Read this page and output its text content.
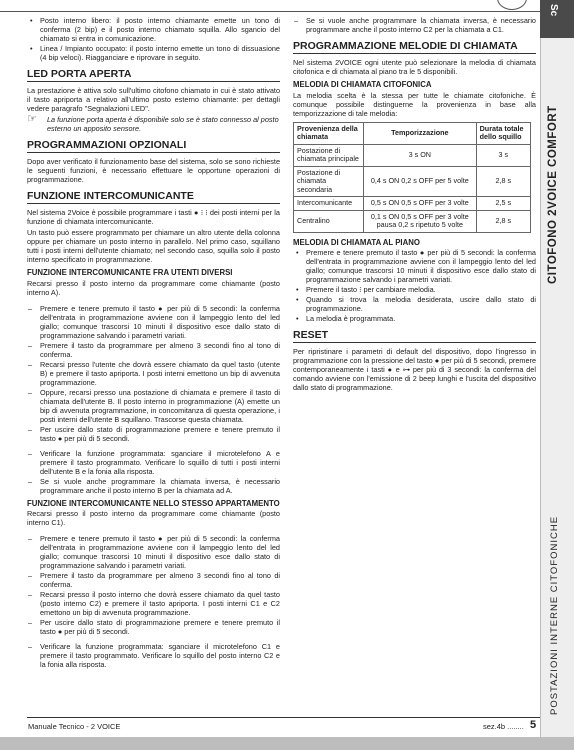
Sc
CITOFONO 2VOICE COMFORT
POSTAZIONI INTERNE CITOFONICHE
• Posto interno libero: il posto interno chiamante emette un tono di conferma (2 bip) e il posto interno chiamato squilla. Allo sgancio del chiamato si entra in comunicazione.
• Linea / Impianto occupato: il posto interno emette un tono di dissuasione (4 bip veloci). Riagganciare e riprovare in seguito.
LED PORTA APERTA

La prestazione è attiva solo sull'ultimo citofono chiamato in cui è stato attivato il tasto apriporta a relativo all'ultimo posto esterno chiamante: per dettagli vedere paragrafo "Segnalazioni LED".

☞	La funzione porta aperta è disponibile solo se è stato connesso al posto esterno un apposito sensore.
PROGRAMMAZIONI OPZIONALI

Dopo aver verificato il funzionamento base del sistema, solo se sono richieste le seguenti funzioni, è necessario effettuare le opportune operazioni di programmazione.

FUNZIONE INTERCOMUNICANTE

Nel sistema 2Voice è possibile programmare i tasti ● ⁝ ⁝ dei posti interni per la funzione di chiamata intercomunicante.

Un tasto può essere programmato per chiamare un altro utente della colonna oppure per chiamare un posto interno in parallelo. Nel primo caso, squillano tutti i posti interni dell'utente chiamato; nel secondo caso, squilla solo il posto interno specificato in programmazione.

FUNZIONE INTERCOMUNICANTE FRA UTENTI DIVERSI

Recarsi presso il posto interno da programmare come chiamante (posto interno A).

– Premere e tenere premuto il tasto ● per più di 5 secondi: la conferma dell'entrata in programmazione avviene con il lampeggio lento del led giallo; comunque trascorsi 10 minuti il dispositivo esce dallo stato di programmazione salvando i parametri variati.
– Premere il tasto da programmare per almeno 3 secondi fino al tono di conferma.
– Recarsi presso l'utente che dovrà essere chiamato da quel tasto (utente B) e premere il tasto apriporta. I posti interni emettono un bip di avvenuta programmazione.
– Oppure, recarsi presso una postazione di chiamata e premere il tasto di chiamata dell'utente B. Il posto interno in programmazione (A) emette un bip di avvenuta programmazione, in concomitanza di questa operazione, i posti interni dell'utente B squillano. Trascorse questa chiamata.
– Per uscire dallo stato di programmazione premere e tenere premuto il tasto ● per più di 5 secondi.
– Verificare la funzione programmata: sganciare il microtelefono A e premere il tasto programmato. Verificare lo squillo di tutti i posti interni dell'utente B e la fonia alla risposta.
– Se si vuole anche programmare la chiamata inversa, è necessario programmare anche il posto interno B per la chiamata ad A.
FUNZIONE INTERCOMUNICANTE NELLO STESSO APPARTAMENTO

Recarsi presso il posto interno da programmare come chiamante (posto interno C1).

– Premere e tenere premuto il tasto ● per più di 5 secondi: la conferma dell'entrata in programmazione avviene con il lampeggio lento del led giallo; comunque trascorsi 10 minuti il dispositivo esce dallo stato di programmazione salvando i parametri variati.
– Premere il tasto da programmare per almeno 3 secondi fino al tono di conferma.
– Recarsi presso il posto interno che dovrà essere chiamato da quel tasto (posto interno C2) e premere il tasto apriporta. I posti interni C1 e C2 emettono un bip di avvenuta programmazione.
– Per uscire dallo stato di programmazione premere e tenere premuto il tasto ● per più di 5 secondi.
– Verificare la funzione programmata: sganciare il microtelefono C1 e premere il tasto programmato. Verificare lo squillo del posto interno C2 e la fonia alla risposta.
– Se si vuole anche programmare la chiamata inversa, è necessario programmare anche il posto interno C2 per la chiamata a C1.
PROGRAMMAZIONE MELODIE DI CHIAMATA

Nel sistema 2VOICE ogni utente può selezionare la melodia di chiamata citofonica e di chiamata al piano tra le 5 disponibili.

MELODIA DI CHIAMATA CITOFONICA

La melodia scelta è la stessa per tutte le chiamate citofoniche. È comunque possibile distinguerne la provenienza in base alla temporizzazione di tale melodia:

Provenienza della chiamata	Temporizzazione	Durata totale dello squillo
Postazione di chiamata principale	3 s ON	3 s
Postazione di chiamata secondaria	0,4 s ON 0,2 s OFF per 5 volte	2,8 s
Intercomunicante	0,5 s ON 0,5 s OFF per 3 volte	2,5 s
Centralino	0,1 s ON 0,5 s OFF per 3 volte pausa 0,2 s ripetuto 5 volte	2,8 s
MELODIA DI CHIAMATA AL PIANO
• Premere e tenere premuto il tasto ● per più di 5 secondi: la conferma dell'entrata in programmazione avviene con il lampeggio lento del led giallo; comunque trascorsi 10 minuti il dispositivo esce dallo stato di programmazione salvando i parametri variati.
• Premere il tasto ⁝ per cambiare melodia.
• Quando si trova la melodia desiderata, uscire dallo stato di programmazione.
• La melodia è programmata.
RESET

Per ripristinare i parametri di default del dispositivo, dopo l'ingresso in programmazione con la pressione del tasto ● per più di 5 secondi, premere contemporaneamente i tasti ● e ⊶ per più di 3 secondi: la conferma del comando avviene con l'emissione di 2 beep lunghi e l'uscita del dispositivo dallo stato di programmazione.

Manuale Tecnico - 2 VOICE	sez.4b ........ 5
